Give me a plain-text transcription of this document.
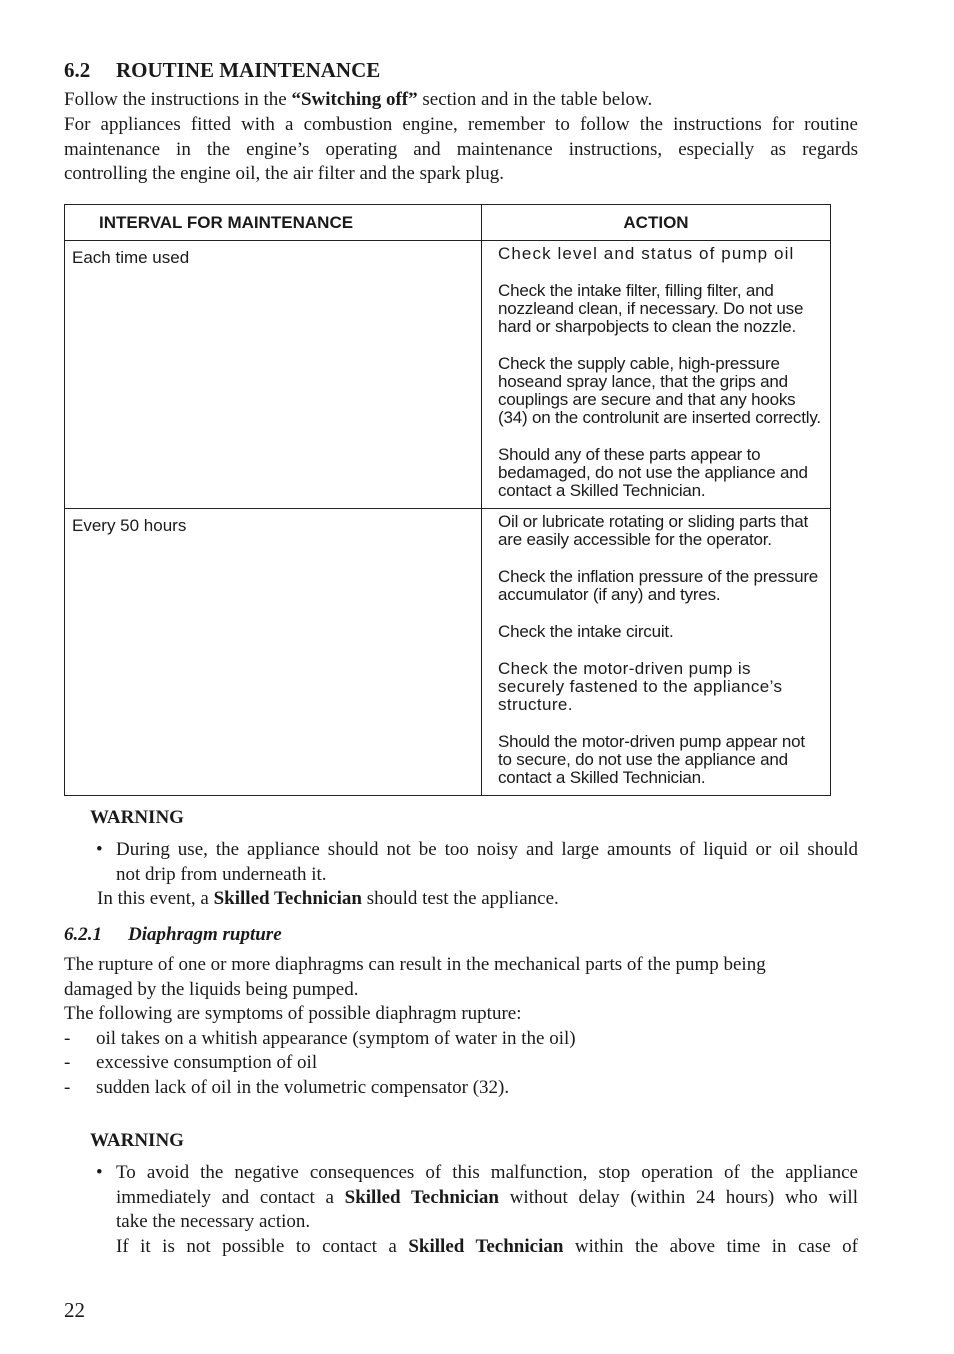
6.2 ROUTINE MAINTENANCE
Follow the instructions in the “Switching off” section and in the table below.
For appliances fitted with a combustion engine, remember to follow the instructions for routine
maintenance in the engine’s operating and maintenance instructions, especially as regards
controlling the engine oil, the air filter and the spark plug.
INTERVAL FOR MAINTENANCE	ACTION
Each time used	Check level and status of pump oil
Check the intake filter, filling filter, and nozzleand clean, if necessary. Do not use hard or sharpobjects to clean the nozzle.
Check the supply cable, high-pressure hoseand spray lance, that the grips and couplings are secure and that any hooks (34) on the controlunit are inserted correctly.
Should any of these parts appear to bedamaged, do not use the appliance and contact a Skilled Technician.

Every 50 hours	Oil or lubricate rotating or sliding parts that are easily accessible for the operator.
Check the inflation pressure of the pressure accumulator (if any) and tyres.
Check the intake circuit.
Check the motor-driven pump is securely fastened to the appliance’s structure.
Should the motor-driven pump appear not to secure, do not use the appliance and contact a Skilled Technician.
WARNING
• During use, the appliance should not be too noisy and large amounts of liquid or oil should
not drip from underneath it.
In this event, a Skilled Technician should test the appliance.
6.2.1 Diaphragm rupture
The rupture of one or more diaphragms can result in the mechanical parts of the pump being
damaged by the liquids being pumped.
The following are symptoms of possible diaphragm rupture:
- oil takes on a whitish appearance (symptom of water in the oil)
- excessive consumption of oil
- sudden lack of oil in the volumetric compensator (32).
WARNING
• To avoid the negative consequences of this malfunction, stop operation of the appliance
immediately and contact a Skilled Technician without delay (within 24 hours) who will
take the necessary action.
If it is not possible to contact a Skilled Technician within the above time in case of
22
